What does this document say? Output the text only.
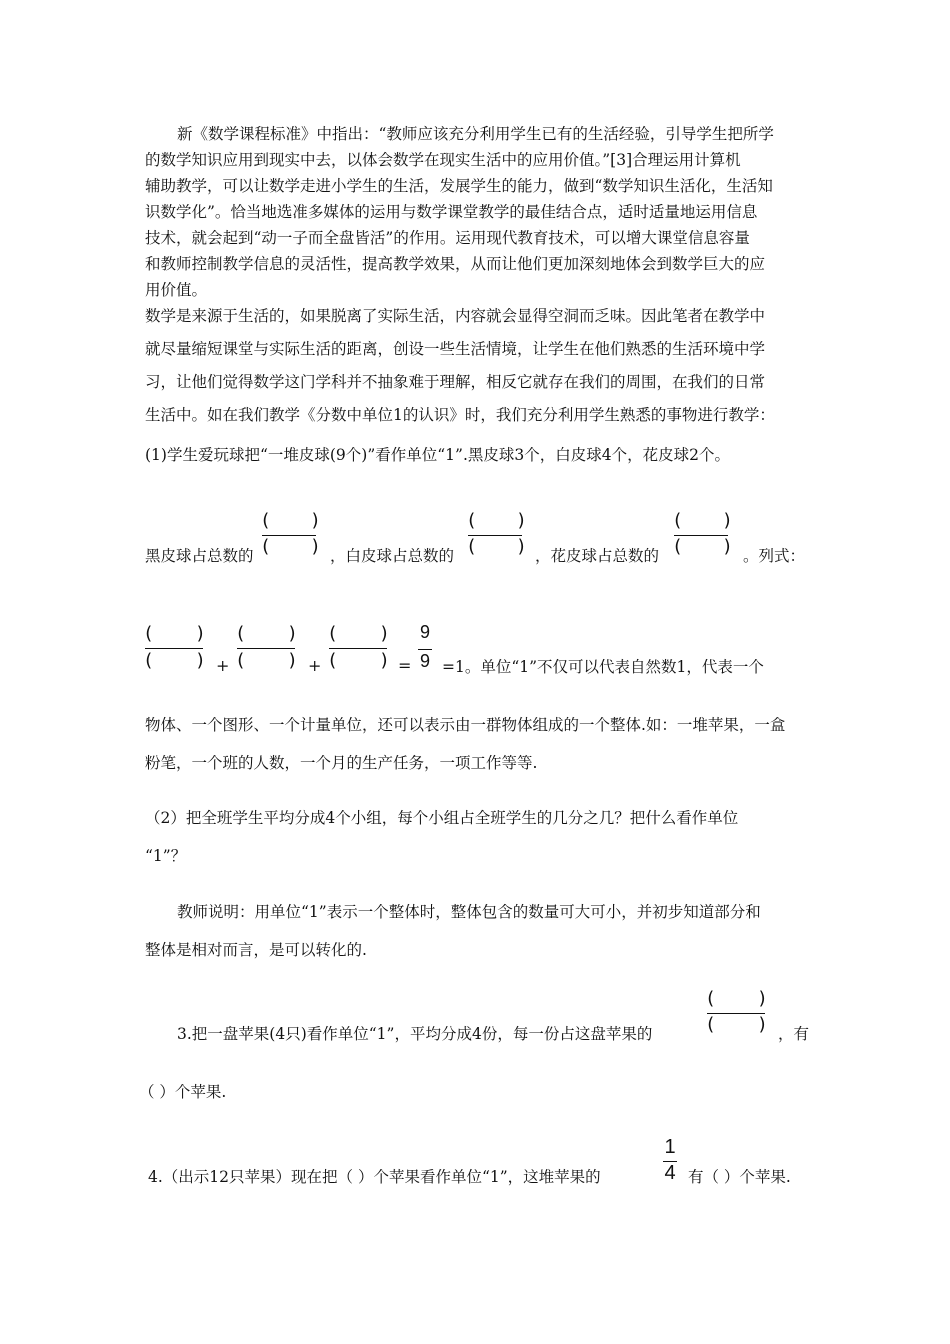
新《数学课程标准》中指出：“教师应该充分利用学生已有的生活经验，引导学生把所学
的数学知识应用到现实中去，以体会数学在现实生活中的应用价值。”[3]合理运用计算机
辅助教学，可以让数学走进小学生的生活，发展学生的能力，做到“数学知识生活化，生活知
识数学化”。恰当地选准多媒体的运用与数学课堂教学的最佳结合点，适时适量地运用信息
技术，就会起到“动一子而全盘皆活”的作用。运用现代教育技术，可以增大课堂信息容量
和教师控制教学信息的灵活性，提高教学效果，从而让他们更加深刻地体会到数学巨大的应
用价值。
数学是来源于生活的，如果脱离了实际生活，内容就会显得空洞而乏味。因此笔者在教学中
就尽量缩短课堂与实际生活的距离，创设一些生活情境，让学生在他们熟悉的生活环境中学
习，让他们觉得数学这门学科并不抽象难于理解，相反它就存在我们的周围，在我们的日常
生活中。如在我们教学《分数中单位1的认识》时，我们充分利用学生熟悉的事物进行教学：
(1)学生爱玩球把“一堆皮球(9个)”看作单位“1”.黑皮球3个，白皮球4个，花皮球2个。
黑皮球占总数的
( )
( ) ，白皮球占总数的
( )
( ) ，花皮球占总数的
( )
( ) 。列式：
( )
( ) +
( )
( ) +
( )
( ) =
9
9 =1。单位“1”不仅可以代表自然数1，代表一个
物体、一个图形、一个计量单位，还可以表示由一群物体组成的一个整体.如：一堆苹果，一盒
粉笔，一个班的人数，一个月的生产任务，一项工作等等.
（2）把全班学生平均分成4个小组，每个小组占全班学生的几分之几？把什么看作单位
“1”？
教师说明：用单位“1”表示一个整体时，整体包含的数量可大可小，并初步知道部分和
整体是相对而言，是可以转化的.
3.把一盘苹果(4只)看作单位“1”，平均分成4份，每一份占这盘苹果的
( )
( ) ，有
（ ）个苹果.
4.（出示12只苹果）现在把（ ）个苹果看作单位“1”，这堆苹果的
1
4 有（ ）个苹果.
